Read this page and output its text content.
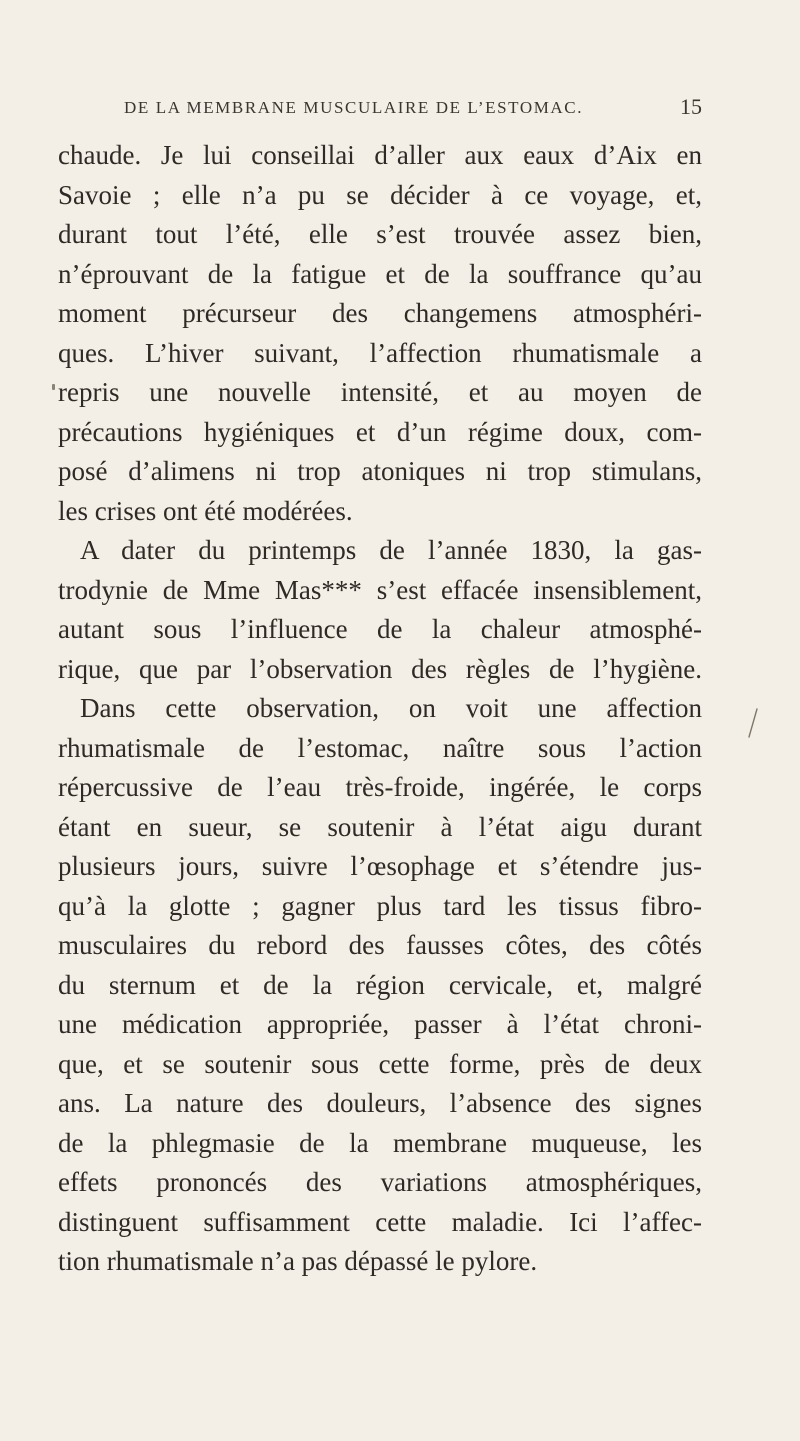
DE LA MEMBRANE MUSCULAIRE DE L’ESTOMAC.	15
chaude. Je lui conseillai d’aller aux eaux d’Aix en
Savoie ; elle n’a pu se décider à ce voyage, et,
durant tout l’été, elle s’est trouvée assez bien,
n’éprouvant de la fatigue et de la souffrance qu’au
moment précurseur des changemens atmosphéri-
ques. L’hiver suivant, l’affection rhumatismale a
repris une nouvelle intensité, et au moyen de
précautions hygiéniques et d’un régime doux, com-
posé d’alimens ni trop atoniques ni trop stimulans,
les crises ont été modérées.
A dater du printemps de l’année 1830, la gas-
trodynie de Mme Mas*** s’est effacée insensiblement,
autant sous l’influence de la chaleur atmosphé-
rique, que par l’observation des règles de l’hygiène.
Dans cette observation, on voit une affection
rhumatismale de l’estomac, naître sous l’action
répercussive de l’eau très-froide, ingérée, le corps
étant en sueur, se soutenir à l’état aigu durant
plusieurs jours, suivre l’œsophage et s’étendre jus-
qu’à la glotte ; gagner plus tard les tissus fibro-
musculaires du rebord des fausses côtes, des côtés
du sternum et de la région cervicale, et, malgré
une médication appropriée, passer à l’état chroni-
que, et se soutenir sous cette forme, près de deux
ans. La nature des douleurs, l’absence des signes
de la phlegmasie de la membrane muqueuse, les
effets prononcés des variations atmosphériques,
distinguent suffisamment cette maladie. Ici l’affec-
tion rhumatismale n’a pas dépassé le pylore.
